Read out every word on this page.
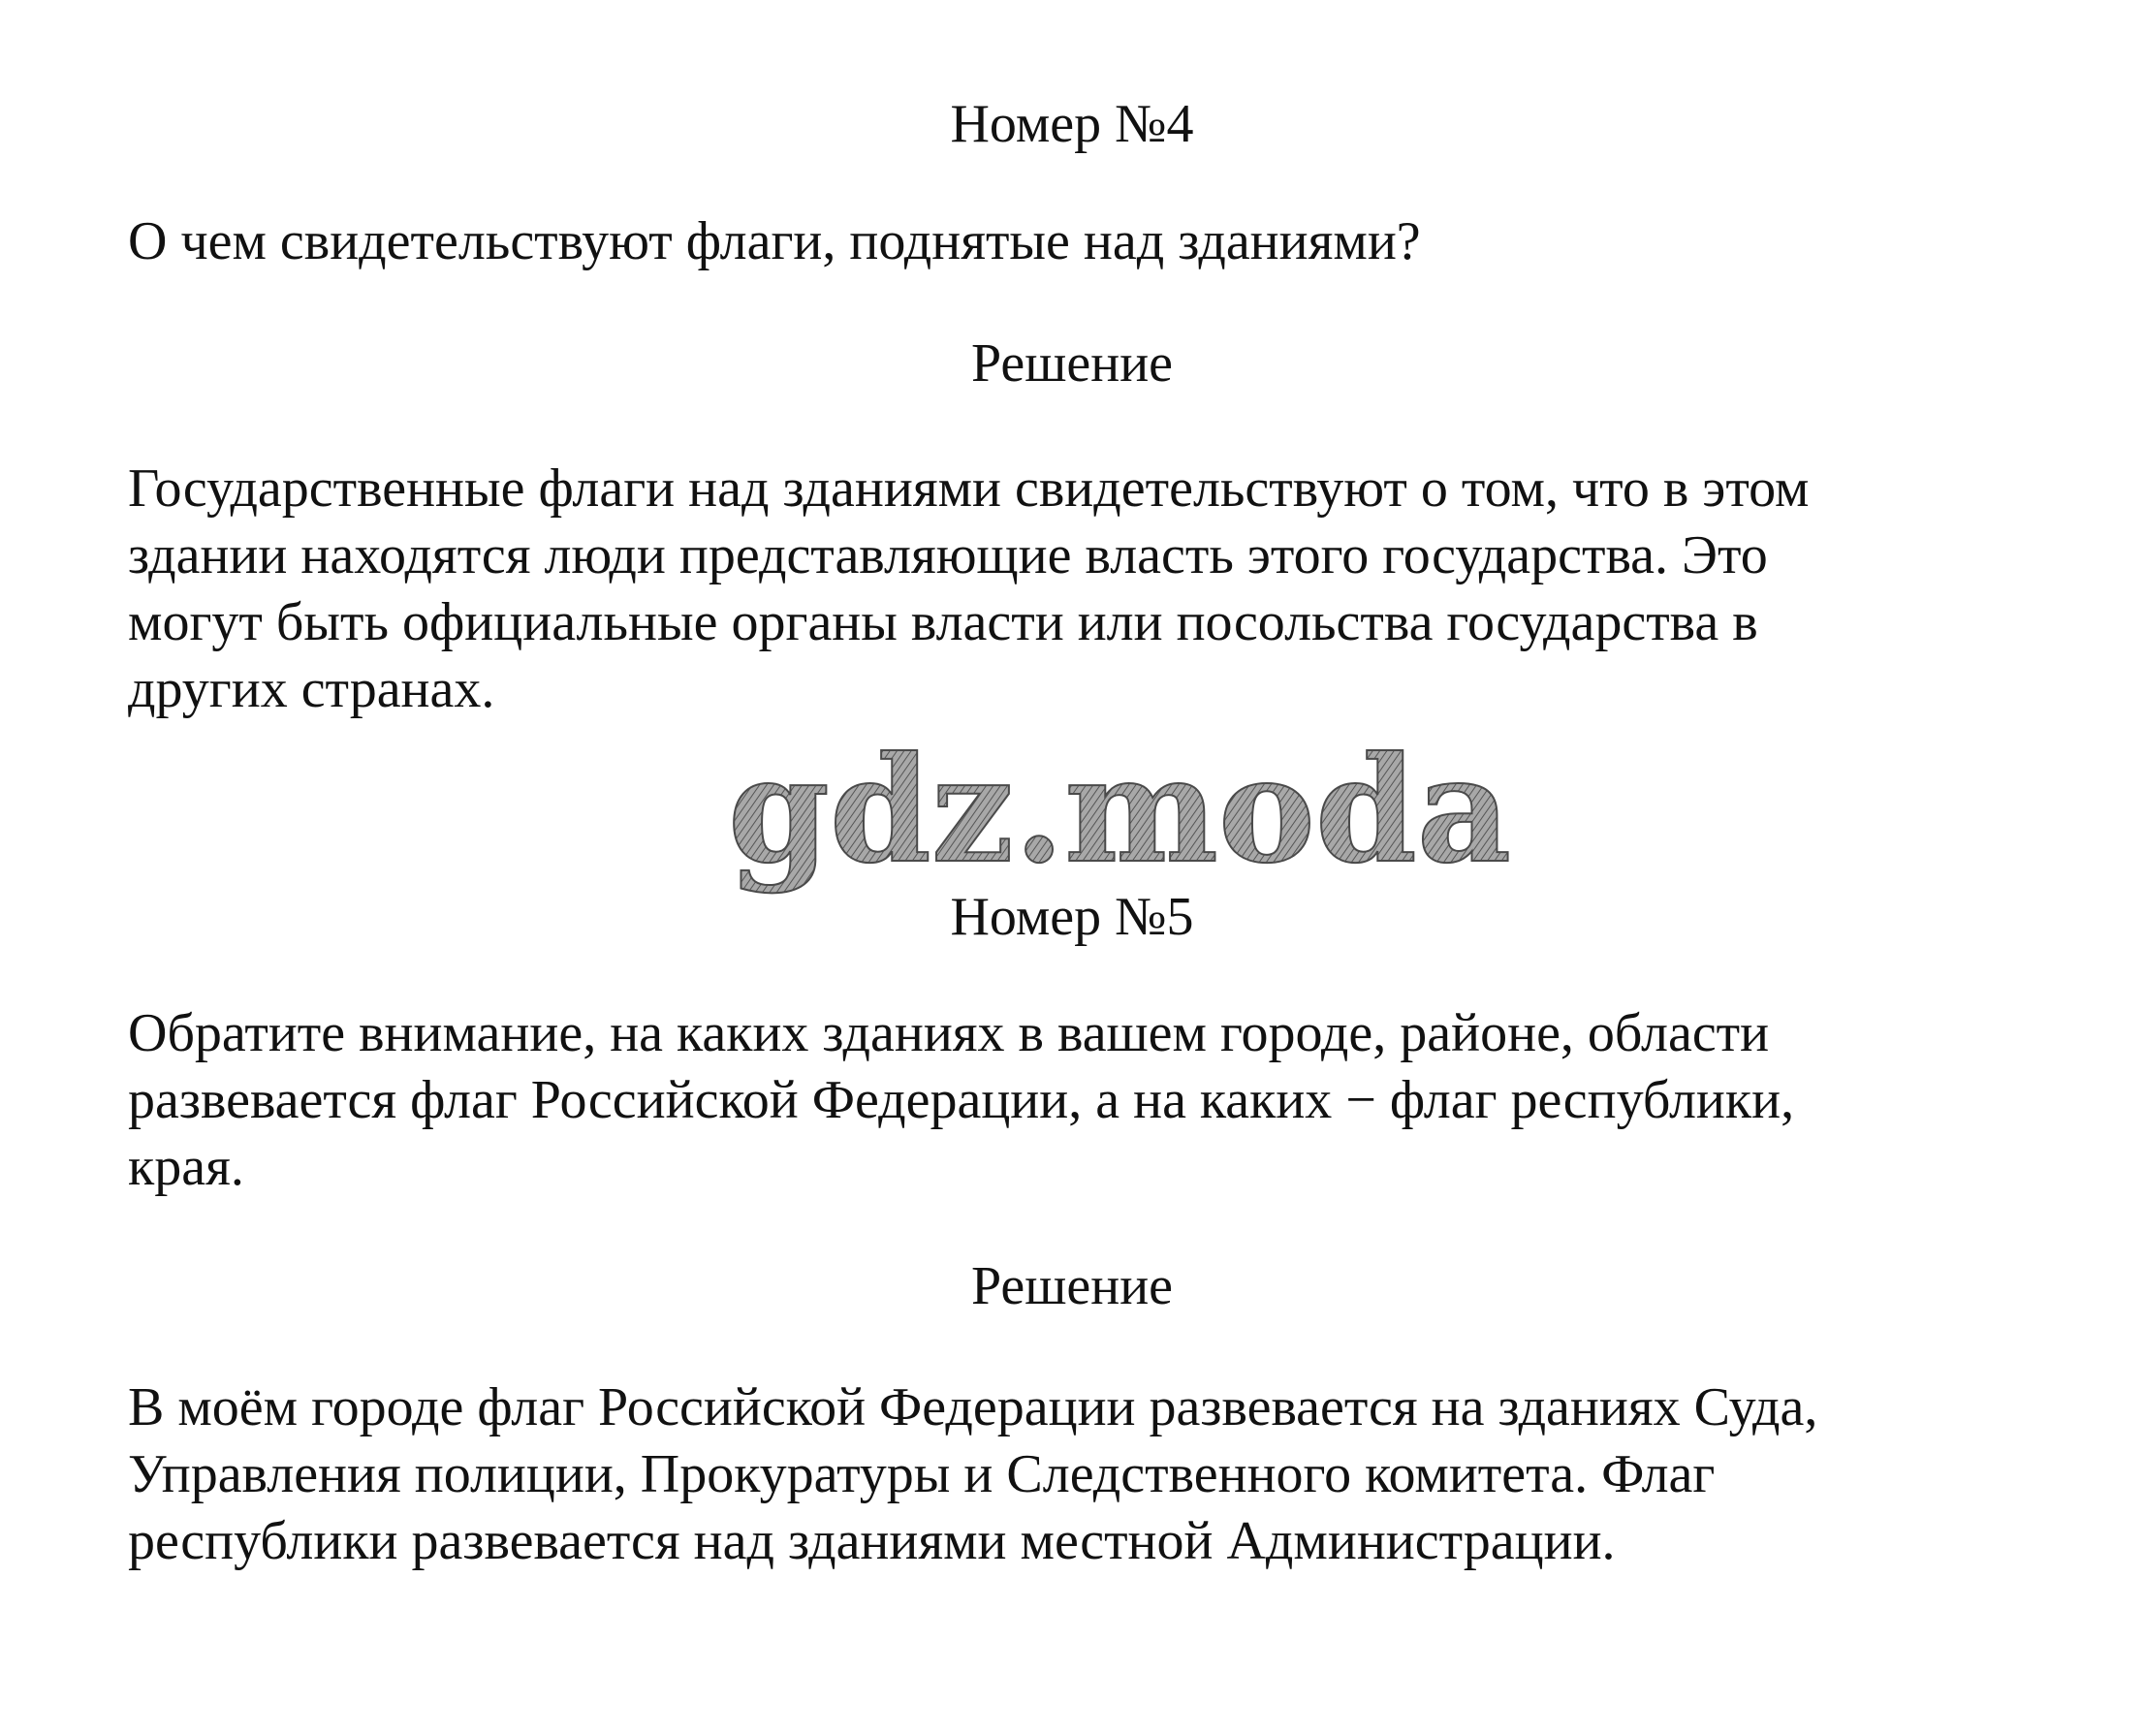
Номер №4
О чем свидетельствуют флаги, поднятые над зданиями?
Решение
Государственные флаги над зданиями свидетельствуют о том, что в этом
здании находятся люди представляющие власть этого государства. Это
могут быть официальные органы власти или посольства государства в
других странах.
gdz.moda
Номер №5
Обратите внимание, на каких зданиях в вашем городе, районе, области
развевается флаг Российской Федерации, а на каких − флаг республики,
края.
Решение
В моём городе флаг Российской Федерации развевается на зданиях Суда,
Управления полиции, Прокуратуры и Следственного комитета. Флаг
республики развевается над зданиями местной Администрации.
